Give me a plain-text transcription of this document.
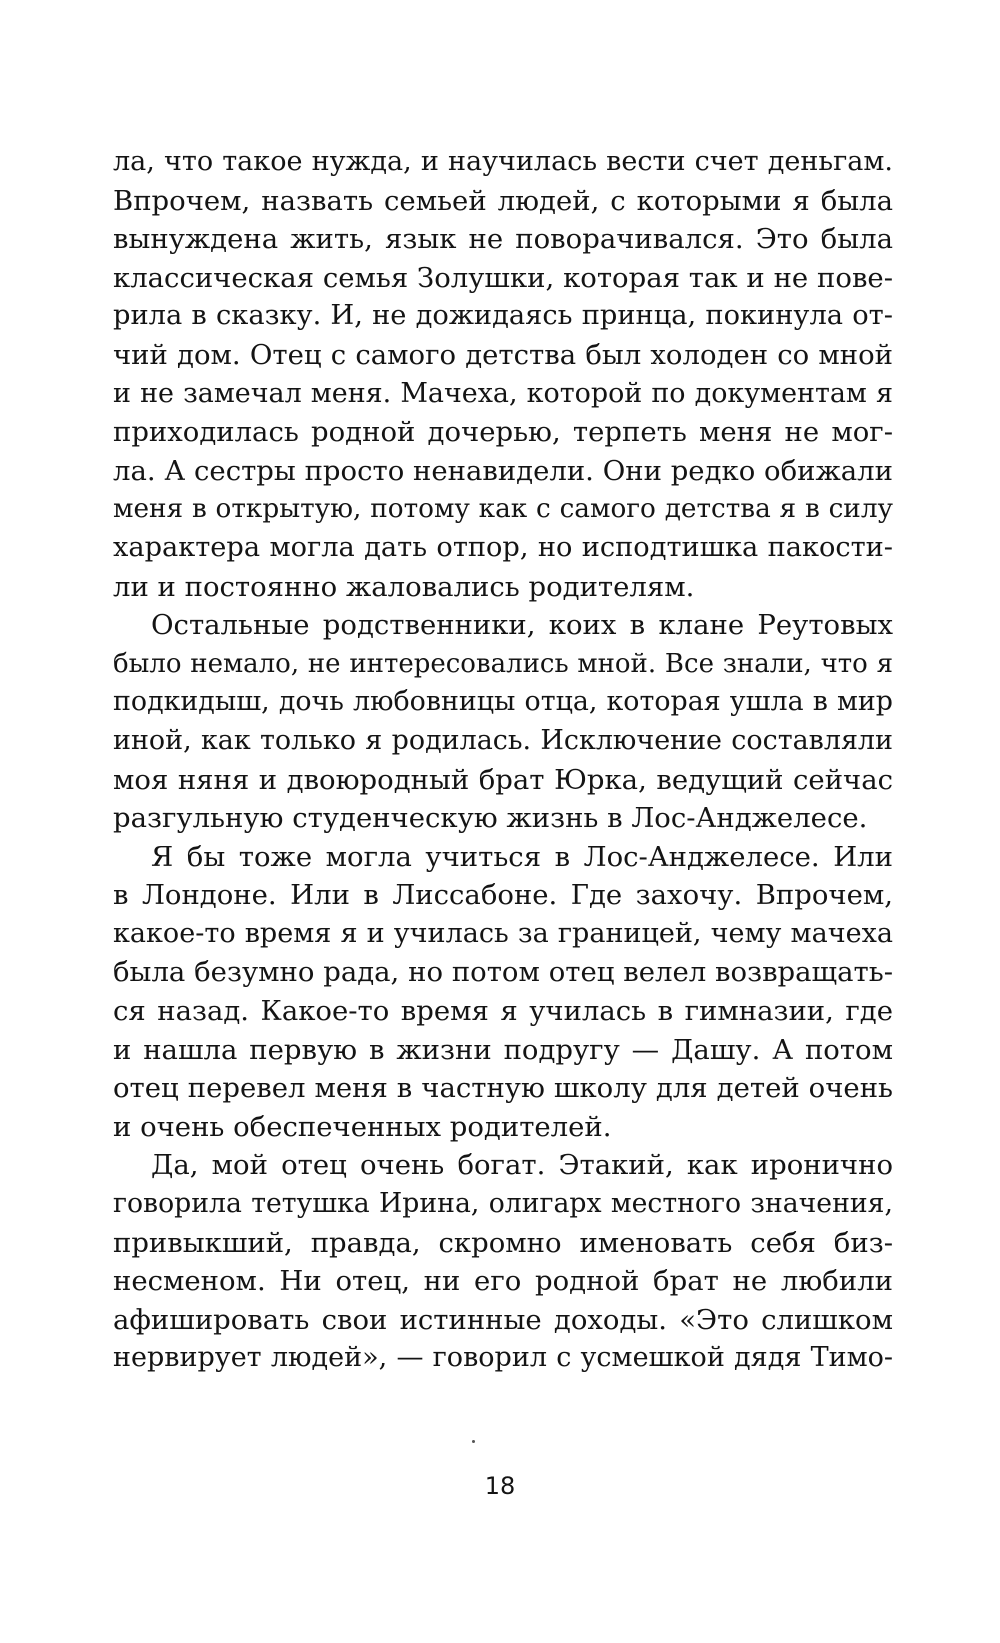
ла, что такое нужда, и научилась вести счет деньгам.
Впрочем, назвать семьей людей, с которыми я была
вынуждена жить, язык не поворачивался. Это была
классическая семья Золушки, которая так и не пове-
рила в сказку. И, не дожидаясь принца, покинула от-
чий дом. Отец с самого детства был холоден со мной
и не замечал меня. Мачеха, которой по документам я
приходилась родной дочерью, терпеть меня не мог-
ла. А сестры просто ненавидели. Они редко обижали
меня в открытую, потому как с самого детства я в силу
характера могла дать отпор, но исподтишка пакости-
ли и постоянно жаловались родителям.
Остальные родственники, коих в клане Реутовых
было немало, не интересовались мной. Все знали, что я
подкидыш, дочь любовницы отца, которая ушла в мир
иной, как только я родилась. Исключение составляли
моя няня и двоюродный брат Юрка, ведущий сейчас
разгульную студенческую жизнь в Лос-Анджелесе.
Я бы тоже могла учиться в Лос-Анджелесе. Или
в Лондоне. Или в Лиссабоне. Где захочу. Впрочем,
какое-то время я и училась за границей, чему мачеха
была безумно рада, но потом отец велел возвращать-
ся назад. Какое-то время я училась в гимназии, где
и нашла первую в жизни подругу — Дашу. А потом
отец перевел меня в частную школу для детей очень
и очень обеспеченных родителей.
Да, мой отец очень богат. Этакий, как иронично
говорила тетушка Ирина, олигарх местного значения,
привыкший, правда, скромно именовать себя биз-
несменом. Ни отец, ни его родной брат не любили
афишировать свои истинные доходы. «Это слишком
нервирует людей», — говорил с усмешкой дядя Тимо-
18
